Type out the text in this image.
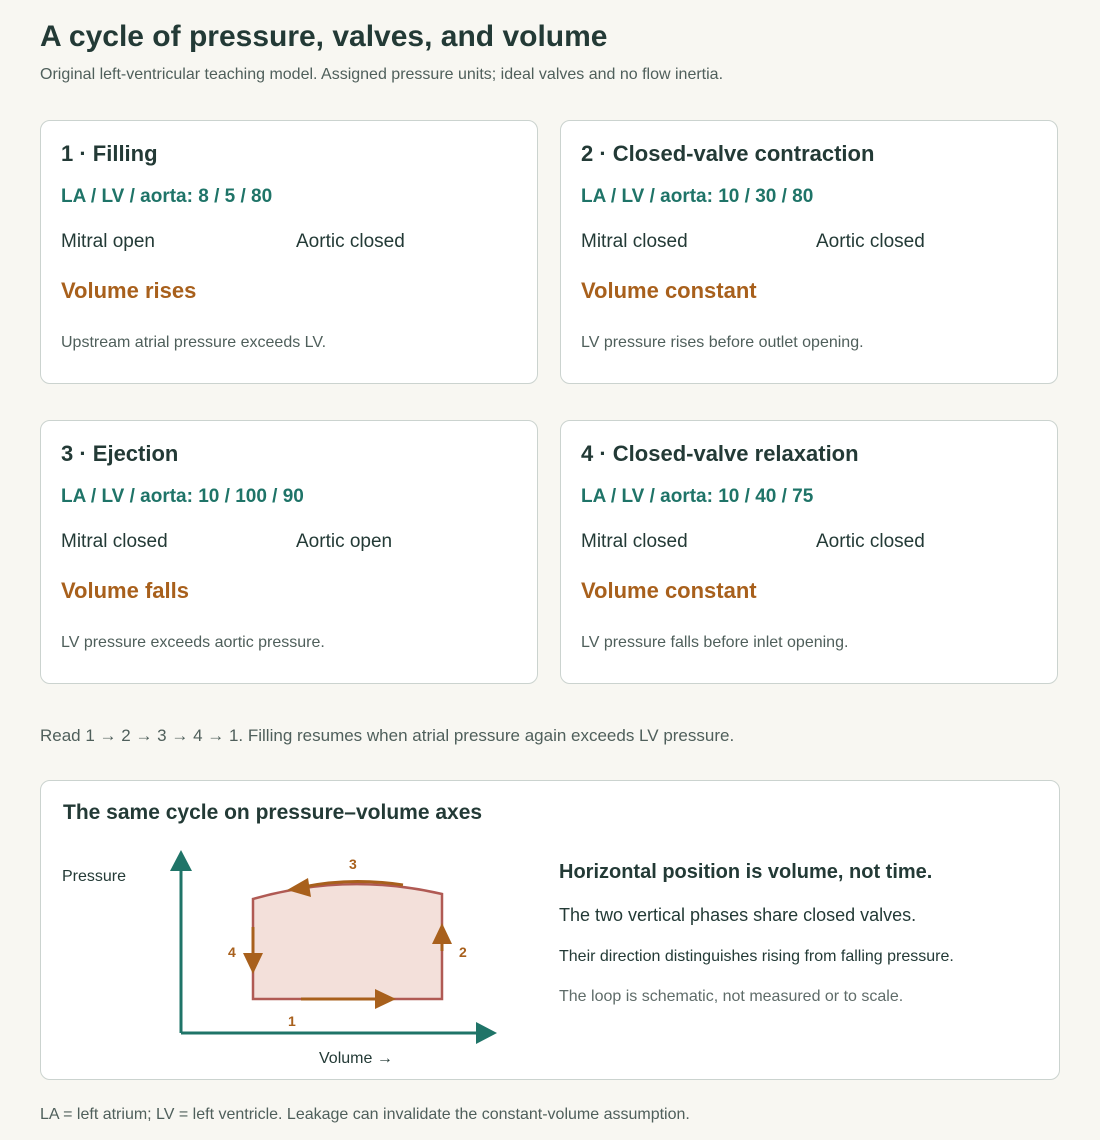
A cycle of pressure, valves, and volume
Original left-ventricular teaching model. Assigned pressure units; ideal valves and no flow inertia.
1 · Filling
LA / LV / aorta: 8 / 5 / 80
Mitral open	Aortic closed
Volume rises
Upstream atrial pressure exceeds LV.
2 · Closed-valve contraction
LA / LV / aorta: 10 / 30 / 80
Mitral closed	Aortic closed
Volume constant
LV pressure rises before outlet opening.
3 · Ejection
LA / LV / aorta: 10 / 100 / 90
Mitral closed	Aortic open
Volume falls
LV pressure exceeds aortic pressure.
4 · Closed-valve relaxation
LA / LV / aorta: 10 / 40 / 75
Mitral closed	Aortic closed
Volume constant
LV pressure falls before inlet opening.
Read 1 → 2 → 3 → 4 → 1. Filling resumes when atrial pressure again exceeds LV pressure.
The same cycle on pressure–volume axes
Pressure
Volume →
1
2
3
4
Horizontal position is volume, not time.
The two vertical phases share closed valves.
Their direction distinguishes rising from falling pressure.
The loop is schematic, not measured or to scale.
LA = left atrium; LV = left ventricle. Leakage can invalidate the constant-volume assumption.
